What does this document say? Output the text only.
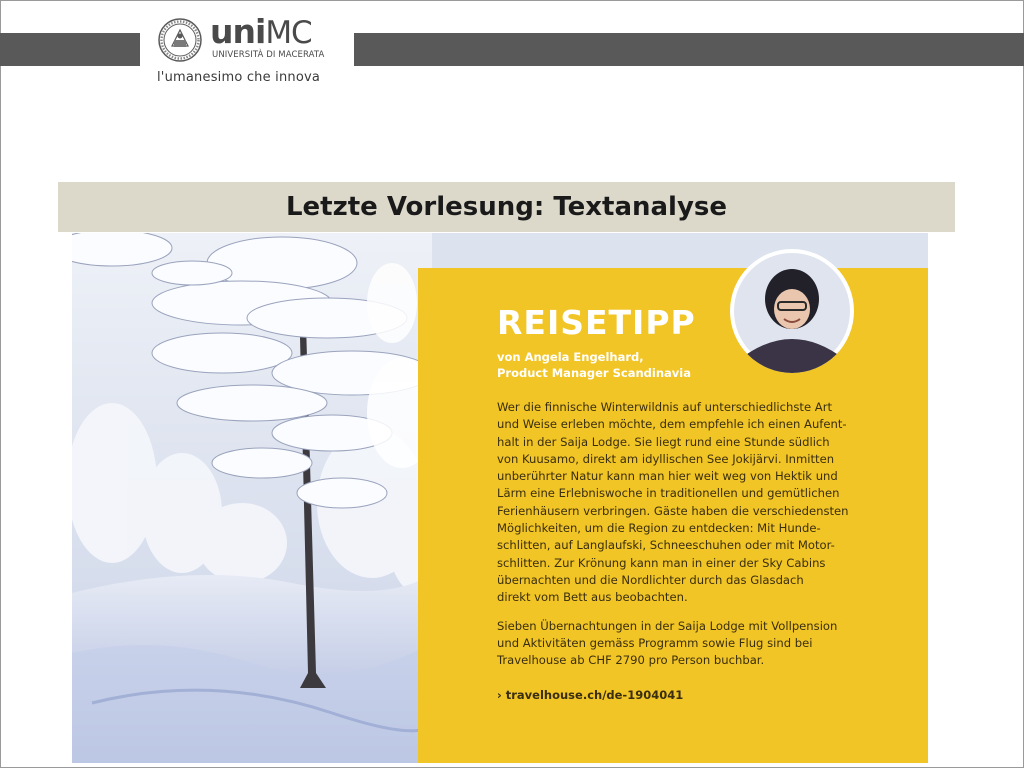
uniMC
UNIVERSITÀ DI MACERATA
l'umanesimo che innova
Letzte Vorlesung: Textanalyse
REISETIPP
von Angela Engelhard,
Product Manager Scandinavia
Wer die finnische Winterwildnis auf unterschiedlichste Art
und Weise erleben möchte, dem empfehle ich einen Aufent-
halt in der Saija Lodge. Sie liegt rund eine Stunde südlich
von Kuusamo, direkt am idyllischen See Jokijärvi. Inmitten
unberührter Natur kann man hier weit weg von Hektik und
Lärm eine Erlebniswoche in traditionellen und gemütlichen
Ferienhäusern verbringen. Gäste haben die verschiedensten
Möglichkeiten, um die Region zu entdecken: Mit Hunde-
schlitten, auf Langlaufski, Schneeschuhen oder mit Motor-
schlitten. Zur Krönung kann man in einer der Sky Cabins
übernachten und die Nordlichter durch das Glasdach
direkt vom Bett aus beobachten.
Sieben Übernachtungen in der Saija Lodge mit Vollpension
und Aktivitäten gemäss Programm sowie Flug sind bei
Travelhouse ab CHF 2790 pro Person buchbar.
› travelhouse.ch/de-1904041
